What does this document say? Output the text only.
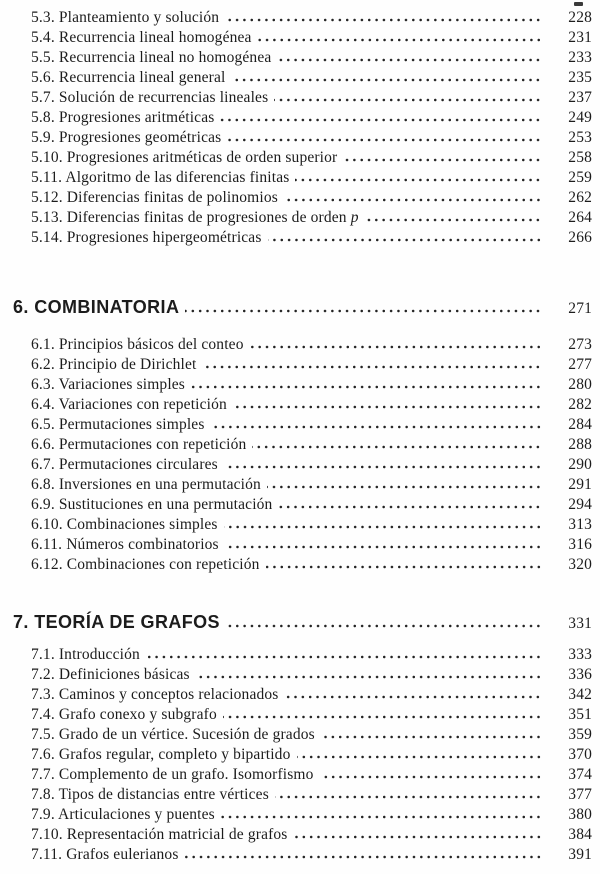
5.3. Planteamiento y solución	228
5.4. Recurrencia lineal homogénea	231
5.5. Recurrencia lineal no homogénea	233
5.6. Recurrencia lineal general	235
5.7. Solución de recurrencias lineales	237
5.8. Progresiones aritméticas	249
5.9. Progresiones geométricas	253
5.10. Progresiones aritméticas de orden superior	258
5.11. Algoritmo de las diferencias finitas	259
5.12. Diferencias finitas de polinomios	262
5.13. Diferencias finitas de progresiones de orden p	264
5.14. Progresiones hipergeométricas	266
6. COMBINATORIA	271
6.1. Principios básicos del conteo	273
6.2. Principio de Dirichlet	277
6.3. Variaciones simples	280
6.4. Variaciones con repetición	282
6.5. Permutaciones simples	284
6.6. Permutaciones con repetición	288
6.7. Permutaciones circulares	290
6.8. Inversiones en una permutación	291
6.9. Sustituciones en una permutación	294
6.10. Combinaciones simples	313
6.11. Números combinatorios	316
6.12. Combinaciones con repetición	320
7. TEORÍA DE GRAFOS	331
7.1. Introducción	333
7.2. Definiciones básicas	336
7.3. Caminos y conceptos relacionados	342
7.4. Grafo conexo y subgrafo	351
7.5. Grado de un vértice. Sucesión de grados	359
7.6. Grafos regular, completo y bipartido	370
7.7. Complemento de un grafo. Isomorfismo	374
7.8. Tipos de distancias entre vértices	377
7.9. Articulaciones y puentes	380
7.10. Representación matricial de grafos	384
7.11. Grafos eulerianos	391
